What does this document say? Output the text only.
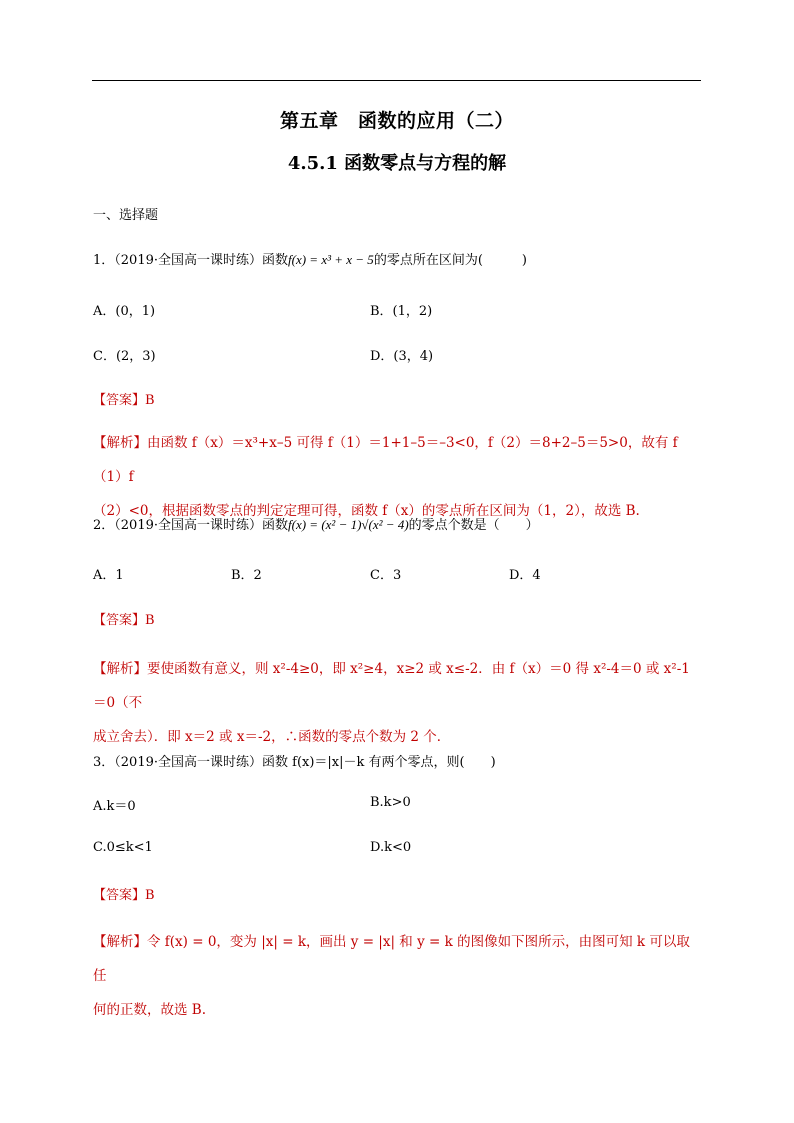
第五章　函数的应用（二）
4.5.1 函数零点与方程的解
一、选择题
1．（2019·全国高一课时练）函数f(x) = x³ + x − 5的零点所在区间为(　　　)
A．(0，1)	B．(1，2)
C．(2，3)	D．(3，4)
【答案】B
【解析】由函数 f（x）＝x³+x–5 可得 f（1）＝1+1–5＝–3<0，f（2）＝8+2–5＝5>0，故有 f（1）f
（2）<0，根据函数零点的判定定理可得，函数 f（x）的零点所在区间为（1，2），故选 B.
2．（2019·全国高一课时练）函数f(x) = (x² − 1)√(x² − 4)的零点个数是（　　）
A．1	B．2	C．3	D．4
【答案】B
【解析】要使函数有意义，则 x²-4≥0，即 x²≥4，x≥2 或 x≤-2．由 f（x）＝0 得 x²-4＝0 或 x²-1＝0（不
成立舍去）．即 x＝2 或 x＝-2，∴函数的零点个数为 2 个．
3．（2019·全国高一课时练）函数 f(x)＝|x|－k 有两个零点，则(　　)
A.k＝0	B.k>0
C.0≤k<1	D.k<0
【答案】B
【解析】令 f(x) = 0，变为 |x| = k，画出 y = |x| 和 y = k 的图像如下图所示，由图可知 k 可以取任
何的正数，故选 B.
